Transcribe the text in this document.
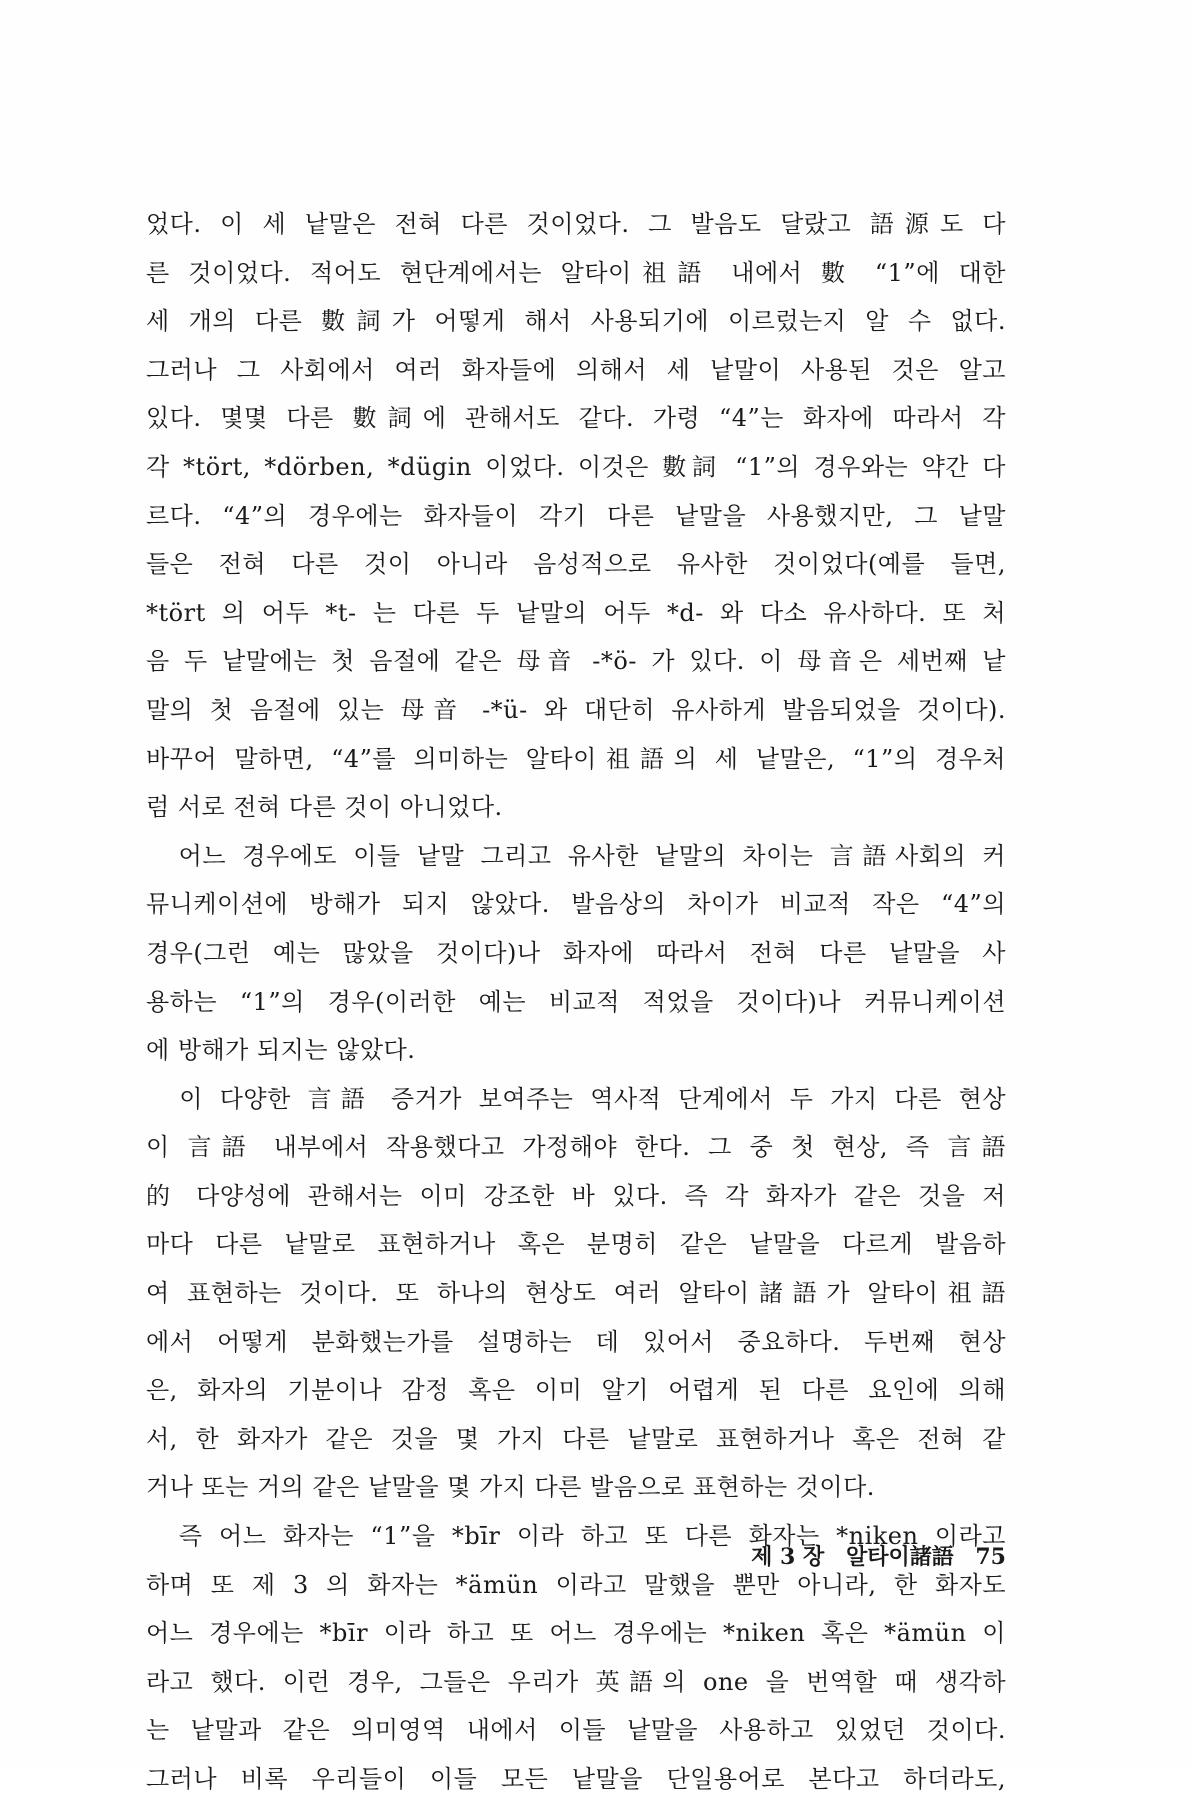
었다. 이 세 낱말은 전혀 다른 것이었다. 그 발음도 달랐고 語源도 다
른 것이었다. 적어도 현단계에서는 알타이祖語 내에서 數 “1”에 대한
세 개의 다른 數詞가 어떻게 해서 사용되기에 이르렀는지 알 수 없다.
그러나 그 사회에서 여러 화자들에 의해서 세 낱말이 사용된 것은 알고
있다. 몇몇 다른 數詞에 관해서도 같다. 가령 “4”는 화자에 따라서 각
각 *tört, *dörben, *dügin 이었다. 이것은 數詞 “1”의 경우와는 약간 다
르다. “4”의 경우에는 화자들이 각기 다른 낱말을 사용했지만, 그 낱말
들은 전혀 다른 것이 아니라 음성적으로 유사한 것이었다(예를 들면,
*tört 의 어두 *t- 는 다른 두 낱말의 어두 *d- 와 다소 유사하다. 또 처
음 두 낱말에는 첫 음절에 같은 母音 -*ö- 가 있다. 이 母音은 세번째 낱
말의 첫 음절에 있는 母音 -*ü- 와 대단히 유사하게 발음되었을 것이다).
바꾸어 말하면, “4”를 의미하는 알타이祖語의 세 낱말은, “1”의 경우처
럼 서로 전혀 다른 것이 아니었다.
　어느 경우에도 이들 낱말 그리고 유사한 낱말의 차이는 言語사회의 커
뮤니케이션에 방해가 되지 않았다. 발음상의 차이가 비교적 작은 “4”의
경우(그런 예는 많았을 것이다)나 화자에 따라서 전혀 다른 낱말을 사
용하는 “1”의 경우(이러한 예는 비교적 적었을 것이다)나 커뮤니케이션
에 방해가 되지는 않았다.
　이 다양한 言語 증거가 보여주는 역사적 단계에서 두 가지 다른 현상
이 言語 내부에서 작용했다고 가정해야 한다. 그 중 첫 현상, 즉 言語
的 다양성에 관해서는 이미 강조한 바 있다. 즉 각 화자가 같은 것을 저
마다 다른 낱말로 표현하거나 혹은 분명히 같은 낱말을 다르게 발음하
여 표현하는 것이다. 또 하나의 현상도 여러 알타이諸語가 알타이祖語
에서 어떻게 분화했는가를 설명하는 데 있어서 중요하다. 두번째 현상
은, 화자의 기분이나 감정 혹은 이미 알기 어렵게 된 다른 요인에 의해
서, 한 화자가 같은 것을 몇 가지 다른 낱말로 표현하거나 혹은 전혀 같
거나 또는 거의 같은 낱말을 몇 가지 다른 발음으로 표현하는 것이다.
　즉 어느 화자는 “1”을 *bīr 이라 하고 또 다른 화자는 *niken 이라고
하며 또 제 3 의 화자는 *ämün 이라고 말했을 뿐만 아니라, 한 화자도
어느 경우에는 *bīr 이라 하고 또 어느 경우에는 *niken 혹은 *ämün 이
라고 했다. 이런 경우, 그들은 우리가 英語의 one 을 번역할 때 생각하
는 낱말과 같은 의미영역 내에서 이들 낱말을 사용하고 있었던 것이다.
그러나 비록 우리들이 이들 모든 낱말을 단일용어로 본다고 하더라도,
제 3 장 알타이諸語 75
